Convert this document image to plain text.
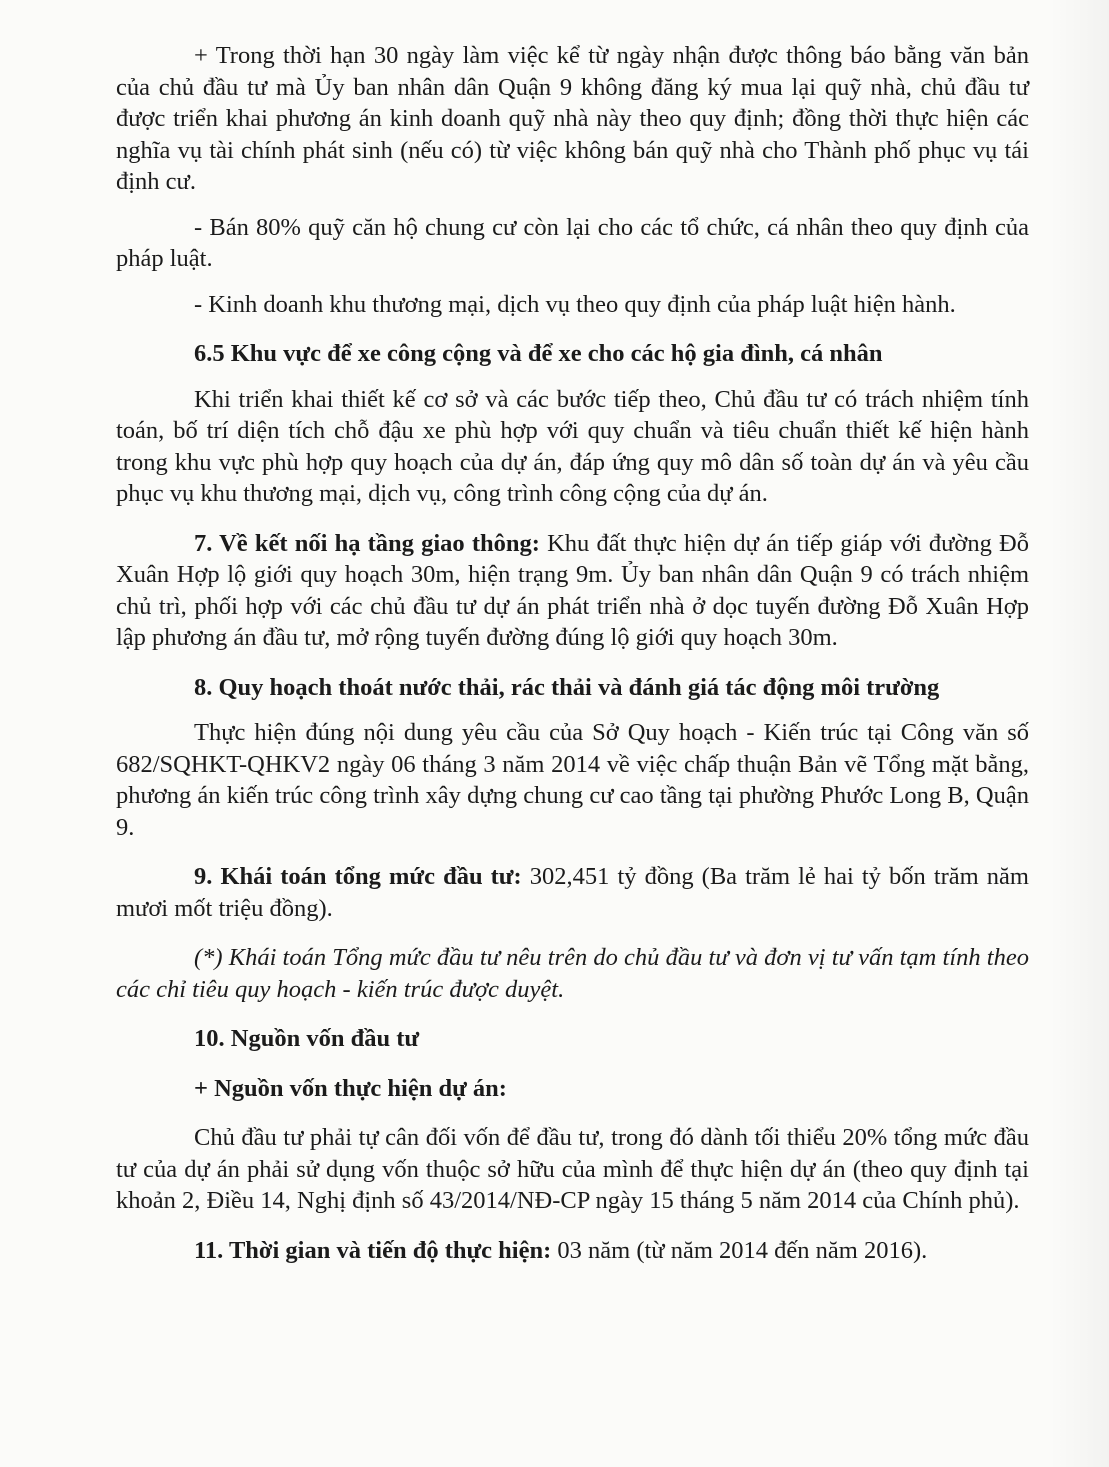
+ Trong thời hạn 30 ngày làm việc kể từ ngày nhận được thông báo bằng văn bản của chủ đầu tư mà Ủy ban nhân dân Quận 9 không đăng ký mua lại quỹ nhà, chủ đầu tư được triển khai phương án kinh doanh quỹ nhà này theo quy định; đồng thời thực hiện các nghĩa vụ tài chính phát sinh (nếu có) từ việc không bán quỹ nhà cho Thành phố phục vụ tái định cư.

- Bán 80% quỹ căn hộ chung cư còn lại cho các tổ chức, cá nhân theo quy định của pháp luật.

- Kinh doanh khu thương mại, dịch vụ theo quy định của pháp luật hiện hành.

6.5 Khu vực để xe công cộng và để xe cho các hộ gia đình, cá nhân

Khi triển khai thiết kế cơ sở và các bước tiếp theo, Chủ đầu tư có trách nhiệm tính toán, bố trí diện tích chỗ đậu xe phù hợp với quy chuẩn và tiêu chuẩn thiết kế hiện hành trong khu vực phù hợp quy hoạch của dự án, đáp ứng quy mô dân số toàn dự án và yêu cầu phục vụ khu thương mại, dịch vụ, công trình công cộng của dự án.

7. Về kết nối hạ tầng giao thông: Khu đất thực hiện dự án tiếp giáp với đường Đỗ Xuân Hợp lộ giới quy hoạch 30m, hiện trạng 9m. Ủy ban nhân dân Quận 9 có trách nhiệm chủ trì, phối hợp với các chủ đầu tư dự án phát triển nhà ở dọc tuyến đường Đỗ Xuân Hợp lập phương án đầu tư, mở rộng tuyến đường đúng lộ giới quy hoạch 30m.

8. Quy hoạch thoát nước thải, rác thải và đánh giá tác động môi trường

Thực hiện đúng nội dung yêu cầu của Sở Quy hoạch - Kiến trúc tại Công văn số 682/SQHKT-QHKV2 ngày 06 tháng 3 năm 2014 về việc chấp thuận Bản vẽ Tổng mặt bằng, phương án kiến trúc công trình xây dựng chung cư cao tầng tại phường Phước Long B, Quận 9.

9. Khái toán tổng mức đầu tư: 302,451 tỷ đồng (Ba trăm lẻ hai tỷ bốn trăm năm mươi mốt triệu đồng).

(*) Khái toán Tổng mức đầu tư nêu trên do chủ đầu tư và đơn vị tư vấn tạm tính theo các chỉ tiêu quy hoạch - kiến trúc được duyệt.

10. Nguồn vốn đầu tư

+ Nguồn vốn thực hiện dự án:

Chủ đầu tư phải tự cân đối vốn để đầu tư, trong đó dành tối thiểu 20% tổng mức đầu tư của dự án phải sử dụng vốn thuộc sở hữu của mình để thực hiện dự án (theo quy định tại khoản 2, Điều 14, Nghị định số 43/2014/NĐ-CP ngày 15 tháng 5 năm 2014 của Chính phủ).

11. Thời gian và tiến độ thực hiện: 03 năm (từ năm 2014 đến năm 2016).
